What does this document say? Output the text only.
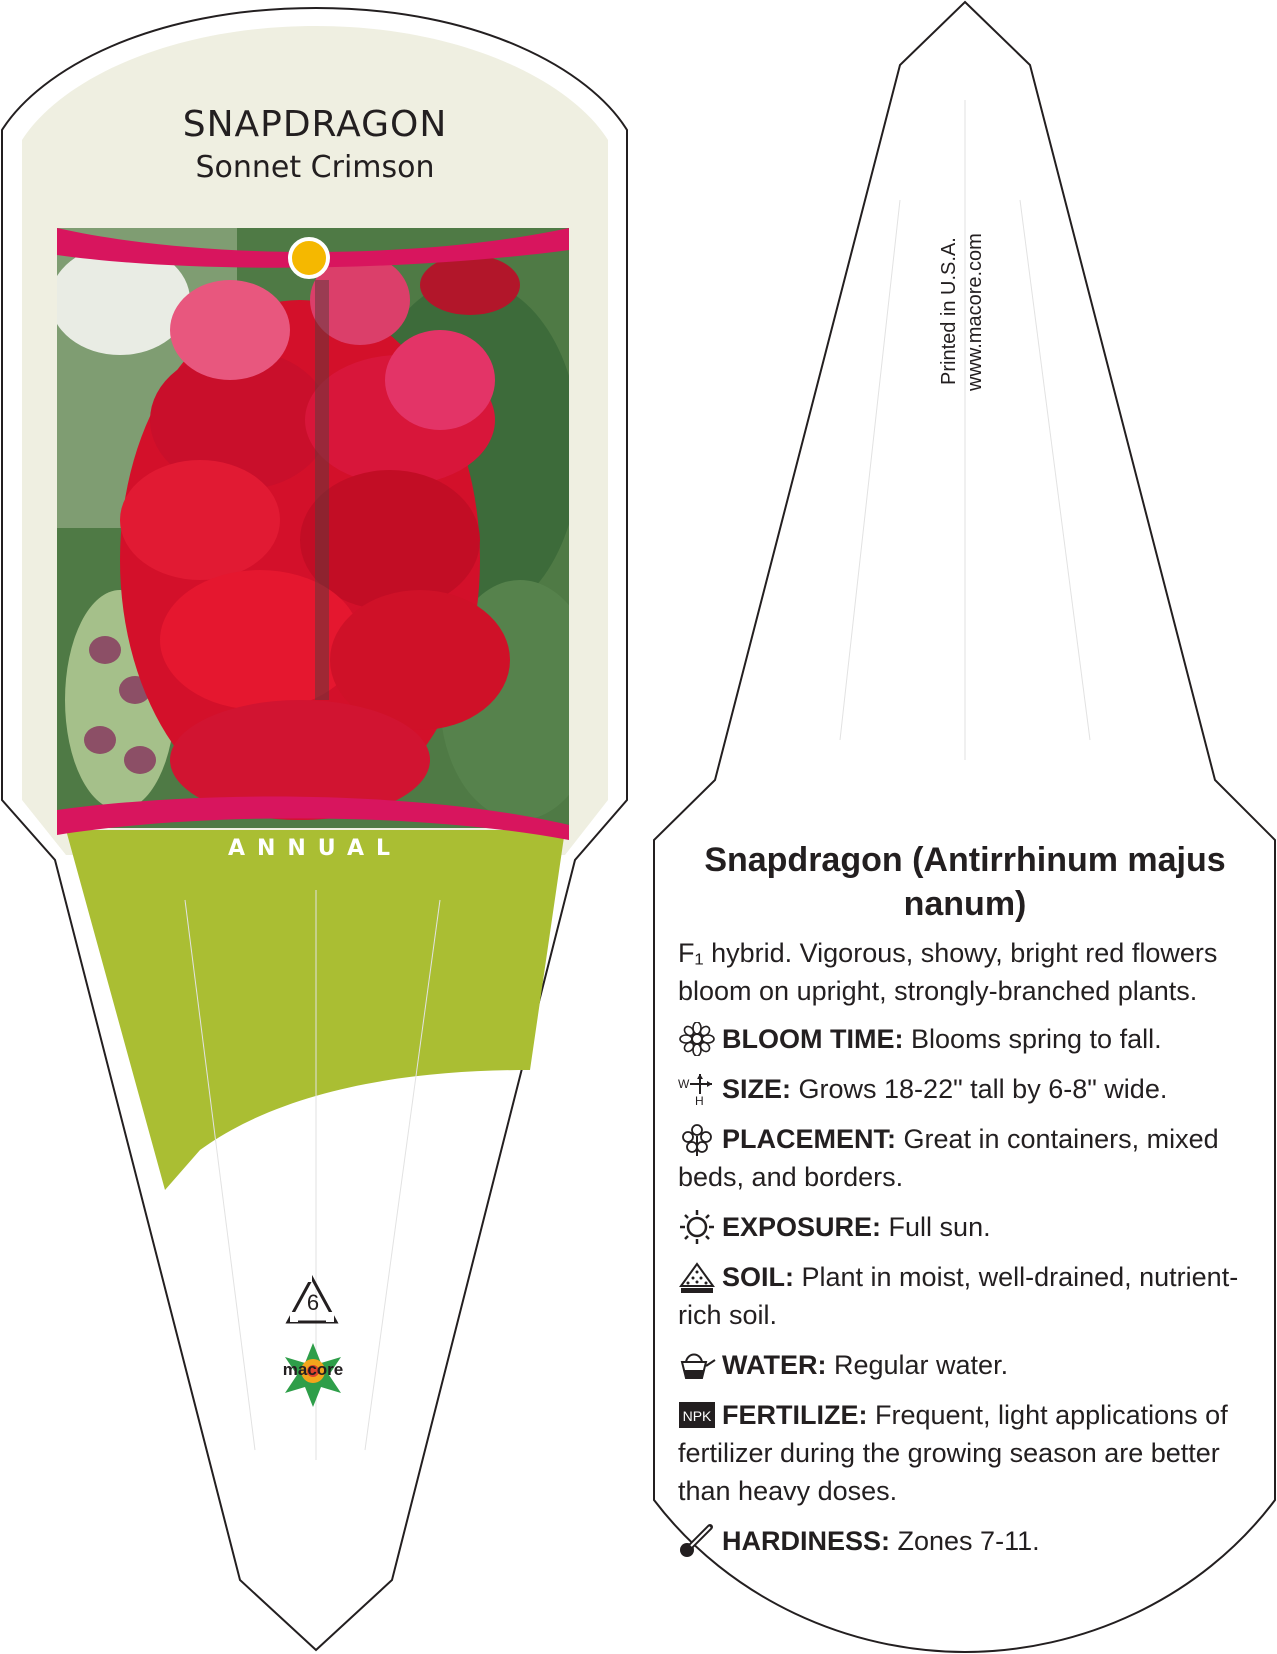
SNAPDRAGON
Sonnet Crimson
ANNUAL
6
macore
Printed in U.S.A. www.macore.com
Snapdragon (Antirrhinum majus nanum)

F₁ hybrid. Vigorous, showy, bright red flowers bloom on upright, strongly-branched plants.

BLOOM TIME: Blooms spring to fall.
W
H SIZE: Grows 18-22" tall by 6-8" wide.
PLACEMENT: Great in containers, mixed beds, and borders.
EXPOSURE: Full sun.
SOIL: Plant in moist, well-drained, nutrient-rich soil.
WATER: Regular water.
NPK FERTILIZE: Frequent, light applications of fertilizer during the growing season are better than heavy doses.
HARDINESS: Zones 7-11.
